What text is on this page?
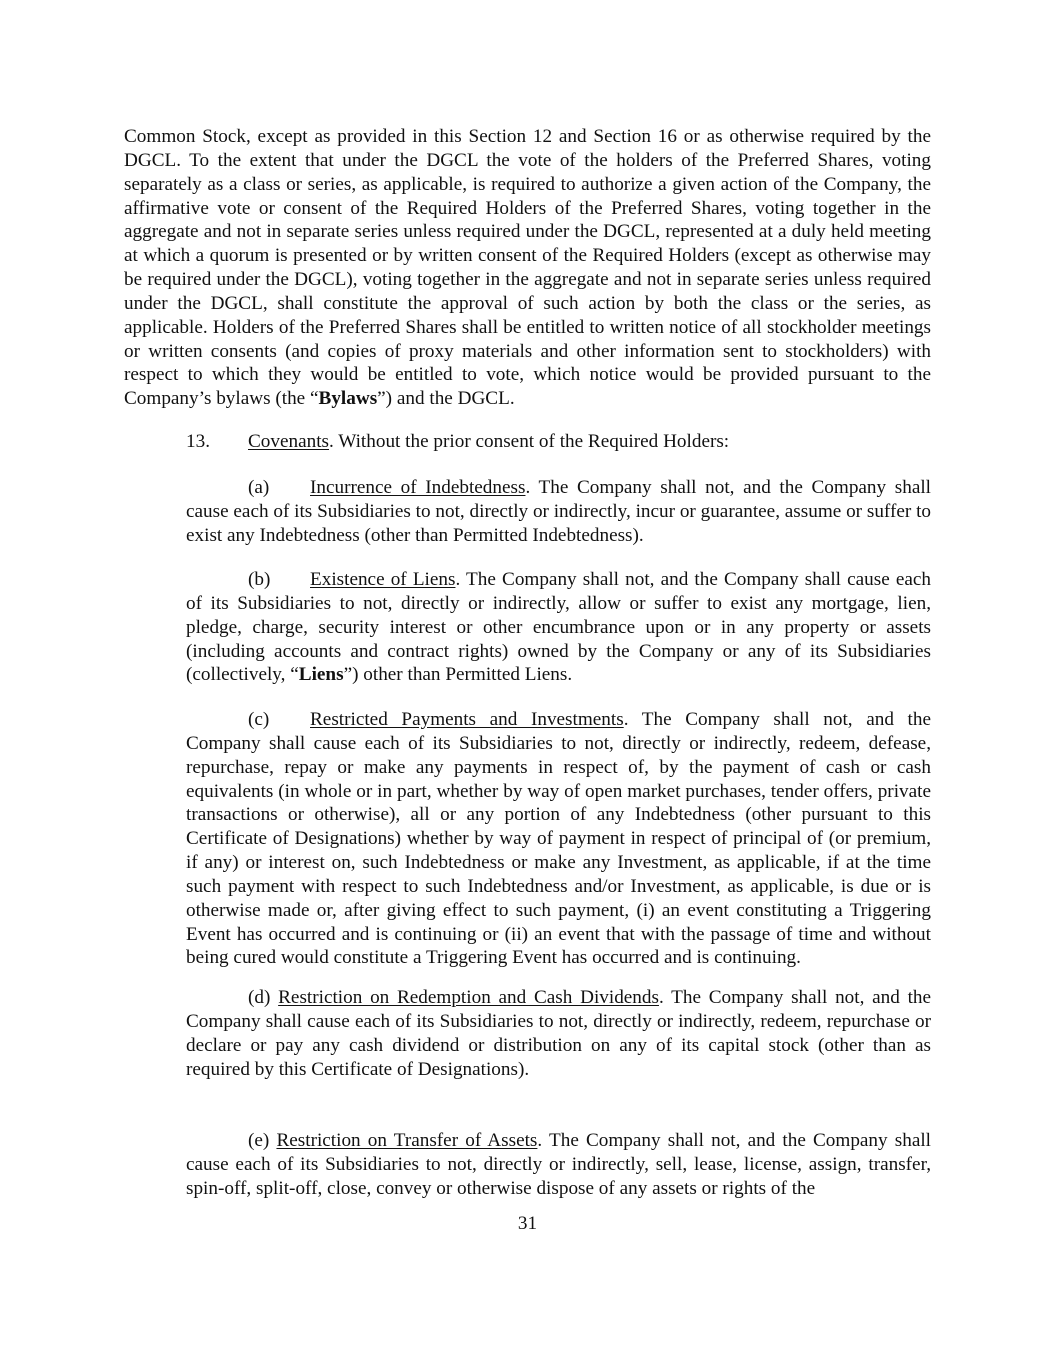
Common Stock, except as provided in this Section 12 and Section 16 or as otherwise required by the DGCL. To the extent that under the DGCL the vote of the holders of the Preferred Shares, voting separately as a class or series, as applicable, is required to authorize a given action of the Company, the affirmative vote or consent of the Required Holders of the Preferred Shares, voting together in the aggregate and not in separate series unless required under the DGCL, represented at a duly held meeting at which a quorum is presented or by written consent of the Required Holders (except as otherwise may be required under the DGCL), voting together in the aggregate and not in separate series unless required under the DGCL, shall constitute the approval of such action by both the class or the series, as applicable. Holders of the Preferred Shares shall be entitled to written notice of all stockholder meetings or written consents (and copies of proxy materials and other information sent to stockholders) with respect to which they would be entitled to vote, which notice would be provided pursuant to the Company’s bylaws (the “Bylaws”) and the DGCL.

13. Covenants. Without the prior consent of the Required Holders:

(a) Incurrence of Indebtedness. The Company shall not, and the Company shall cause each of its Subsidiaries to not, directly or indirectly, incur or guarantee, assume or suffer to exist any Indebtedness (other than Permitted Indebtedness).

(b) Existence of Liens. The Company shall not, and the Company shall cause each of its Subsidiaries to not, directly or indirectly, allow or suffer to exist any mortgage, lien, pledge, charge, security interest or other encumbrance upon or in any property or assets (including accounts and contract rights) owned by the Company or any of its Subsidiaries (collectively, “Liens”) other than Permitted Liens.

(c) Restricted Payments and Investments. The Company shall not, and the Company shall cause each of its Subsidiaries to not, directly or indirectly, redeem, defease, repurchase, repay or make any payments in respect of, by the payment of cash or cash equivalents (in whole or in part, whether by way of open market purchases, tender offers, private transactions or otherwise), all or any portion of any Indebtedness (other pursuant to this Certificate of Designations) whether by way of payment in respect of principal of (or premium, if any) or interest on, such Indebtedness or make any Investment, as applicable, if at the time such payment with respect to such Indebtedness and/or Investment, as applicable, is due or is otherwise made or, after giving effect to such payment, (i) an event constituting a Triggering Event has occurred and is continuing or (ii) an event that with the passage of time and without being cured would constitute a Triggering Event has occurred and is continuing.

(d) Restriction on Redemption and Cash Dividends. The Company shall not, and the Company shall cause each of its Subsidiaries to not, directly or indirectly, redeem, repurchase or declare or pay any cash dividend or distribution on any of its capital stock (other than as required by this Certificate of Designations).

(e) Restriction on Transfer of Assets. The Company shall not, and the Company shall cause each of its Subsidiaries to not, directly or indirectly, sell, lease, license, assign, transfer, spin-off, split-off, close, convey or otherwise dispose of any assets or rights of the

31
